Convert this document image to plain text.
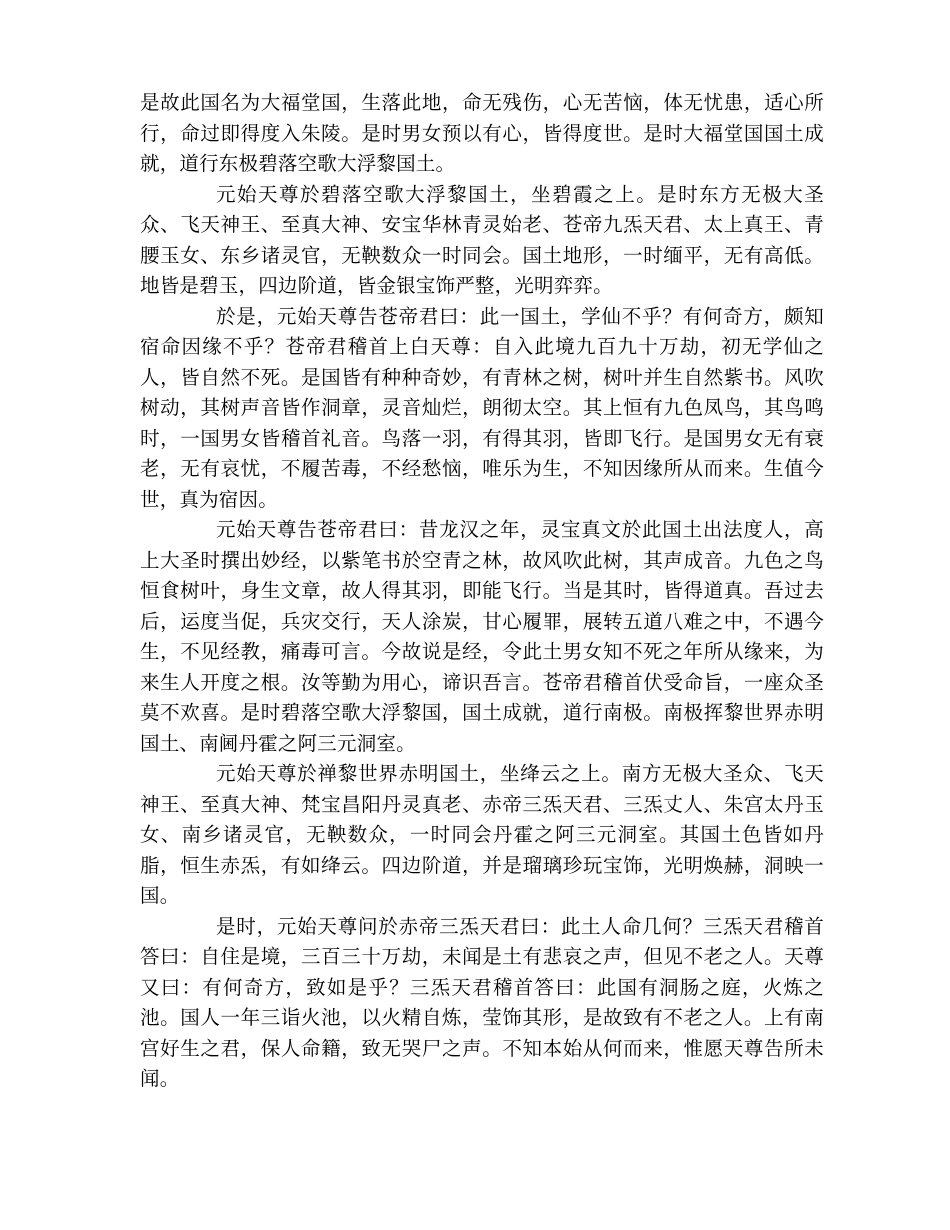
是故此国名为大福堂国，生落此地，命无残伤，心无苦恼，体无忧患，适心所行，命过即得度入朱陵。是时男女预以有心，皆得度世。是时大福堂国国土成就，道行东极碧落空歌大浮黎国土。

元始天尊於碧落空歌大浮黎国土，坐碧霞之上。是时东方无极大圣众、飞天神王、至真大神、安宝华林青灵始老、苍帝九炁天君、太上真王、青腰玉女、东乡诸灵官，无鞅数众一时同会。国土地形，一时缅平，无有高低。地皆是碧玉，四边阶道，皆金银宝饰严整，光明弈弈。

於是，元始天尊告苍帝君曰：此一国土，学仙不乎？有何奇方，颇知宿命因缘不乎？苍帝君稽首上白天尊：自入此境九百九十万劫，初无学仙之人，皆自然不死。是国皆有种种奇妙，有青林之树，树叶并生自然紫书。风吹树动，其树声音皆作洞章，灵音灿烂，朗彻太空。其上恒有九色凤鸟，其鸟鸣时，一国男女皆稽首礼音。鸟落一羽，有得其羽，皆即飞行。是国男女无有衰老，无有哀忧，不履苦毒，不经愁恼，唯乐为生，不知因缘所从而来。生值今世，真为宿因。

元始天尊告苍帝君曰：昔龙汉之年，灵宝真文於此国土出法度人，高上大圣时撰出妙经，以紫笔书於空青之林，故风吹此树，其声成音。九色之鸟恒食树叶，身生文章，故人得其羽，即能飞行。当是其时，皆得道真。吾过去后，运度当促，兵灾交行，天人涂炭，甘心履罪，展转五道八难之中，不遇今生，不见经教，痛毒可言。今故说是经，令此土男女知不死之年所从缘来，为来生人开度之根。汝等勤为用心，谛识吾言。苍帝君稽首伏受命旨，一座众圣莫不欢喜。是时碧落空歌大浮黎国，国土成就，道行南极。南极挥黎世界赤明国土、南阃丹霍之阿三元洞室。

元始天尊於禅黎世界赤明国土，坐绛云之上。南方无极大圣众、飞天神王、至真大神、梵宝昌阳丹灵真老、赤帝三炁天君、三炁丈人、朱宫太丹玉女、南乡诸灵官，无鞅数众，一时同会丹霍之阿三元洞室。其国土色皆如丹脂，恒生赤炁，有如绛云。四边阶道，并是瑠璃珍玩宝饰，光明焕赫，洞映一国。

是时，元始天尊问於赤帝三炁天君曰：此土人命几何？三炁天君稽首答曰：自住是境，三百三十万劫，未闻是土有悲哀之声，但见不老之人。天尊又曰：有何奇方，致如是乎？三炁天君稽首答曰：此国有洞肠之庭，火炼之池。国人一年三诣火池，以火精自炼，莹饰其形，是故致有不老之人。上有南宫好生之君，保人命籍，致无哭尸之声。不知本始从何而来，惟愿天尊告所未闻。
